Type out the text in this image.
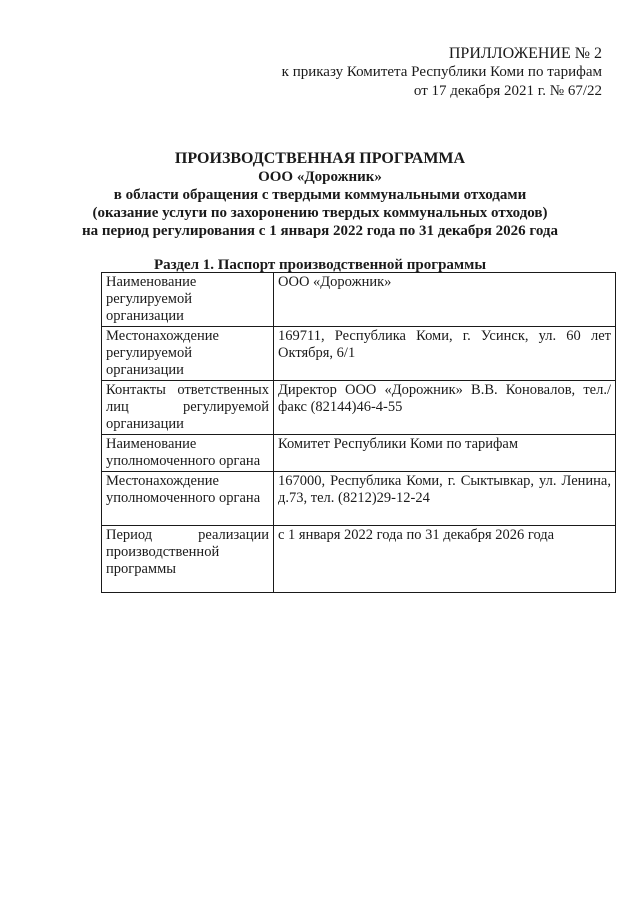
ПРИЛЛОЖЕНИЕ № 2
к приказу Комитета Республики Коми по тарифам
от 17 декабря 2021 г. № 67/22
ПРОИЗВОДСТВЕННАЯ ПРОГРАММА
ООО «Дорожник»
в области обращения с твердыми коммунальными отходами
(оказание услуги по захоронению твердых коммунальных отходов)
на период регулирования с 1 января 2022 года по 31 декабря 2026 года
Раздел 1. Паспорт производственной программы
Наименование регулируемой организации	ООО «Дорожник»
Местонахождение регулируемой организации	169711, Республика Коми, г. Усинск, ул. 60 лет Октября, 6/1
Контакты ответственных лиц регулируемой организации	Директор ООО «Дорожник» В.В. Коновалов, тел./факс (82144)46-4-55
Наименование уполномоченного органа	Комитет Республики Коми по тарифам
Местонахождение уполномоченного органа	167000, Республика Коми, г. Сыктывкар, ул. Ленина, д.73, тел. (8212)29-12-24
Период реализации производственной программы	с 1 января 2022 года по 31 декабря 2026 года
